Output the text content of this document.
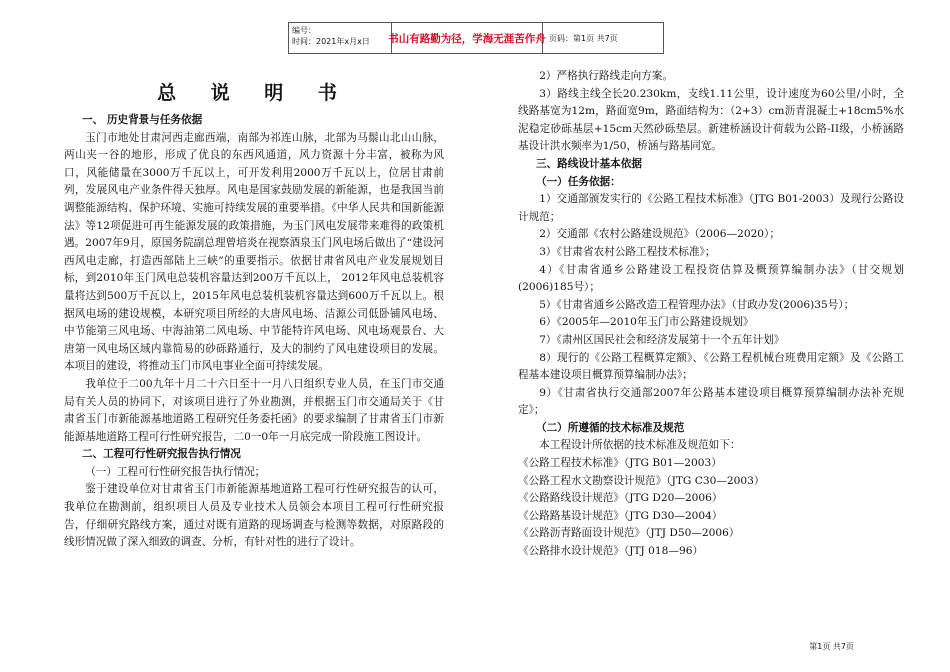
编号：
时间：2021年x月x日	书山有路勤为径，学海无涯苦作舟 页码：第1页 共7页
总 说 明 书

一、 历史背景与任务依据

玉门市地处甘肃河西走廊西端，南部为祁连山脉，北部为马鬃山北山山脉，两山夹一谷的地形，形成了优良的东西风通道，风力资源十分丰富，被称为风口，风能储量在3000万千瓦以上，可开发利用2000万千瓦以上，位居甘肃前列，发展风电产业条件得天独厚。风电是国家鼓励发展的新能源，也是我国当前调整能源结构、保护环境、实施可持续发展的重要举措。《中华人民共和国新能源法》等12项促进可再生能源发展的政策措施，为玉门风电发展带来难得的政策机遇。2007年9月，原国务院副总理曾培炎在视察酒泉玉门风电场后做出了“建设河西风电走廊，打造西部陆上三峡”的重要指示。依据甘肃省风电产业发展规划目标，到2010年玉门风电总装机容量达到200万千瓦以上， 2012年风电总装机容量将达到500万千瓦以上，2015年风电总装机装机容量达到600万千瓦以上。根据风电场的建设规模，本研究项目所经的大唐风电场、洁源公司低卧铺风电场、中节能第三风电场、中海油第二风电场、中节能特许风电场、风电场观景台、大唐第一风电场区域内靠简易的砂砾路通行，及大的制约了风电建设项目的发展。本项目的建设，将推动玉门市风电事业全面可持续发展。

我单位于二00九年十月二十六日至十一月八日组织专业人员，在玉门市交通局有关人员的协同下，对该项目进行了外业勘测，并根据玉门市交通局关于《甘肃省玉门市新能源基地道路工程研究任务委托函》的要求编制了甘肃省玉门市新能源基地道路工程可行性研究报告，二0一0年一月底完成一阶段施工图设计。

二、工程可行性研究报告执行情况

（一）工程可行性研究报告执行情况；

鉴于建设单位对甘肃省玉门市新能源基地道路工程可行性研究报告的认可，我单位在勘测前，组织项目人员及专业技术人员领会本项目工程可行性研究报告，仔细研究路线方案，通过对既有道路的现场调查与检测等数据，对原路段的线形情况做了深入细致的调查、分析，有针对性的进行了设计。

2）严格执行路线走向方案。

3）路线主线全长20.230km，支线1.11公里，设计速度为60公里/小时，全线路基宽为12m，路面宽9m，路面结构为：（2+3）cm沥青混凝土+18cm5%水泥稳定砂砾基层+15cm天然砂砾垫层。新建桥涵设计荷载为公路-II级，小桥涵路基设计洪水频率为1/50，桥涵与路基同宽。

三、路线设计基本依据

（一）任务依据：

1）交通部颁发实行的《公路工程技术标准》（JTG B01-2003）及现行公路设计规范；

2）交通部《农村公路建设规范》（2006—2020）；

3）《甘肃省农村公路工程技术标准》；

4）《甘肃省通乡公路建设工程投资估算及概预算编制办法》（甘交规划(2006)185号）；

5）《甘肃省通乡公路改造工程管理办法》（甘政办发(2006)35号）；

6）《2005年—2010年玉门市公路建设规划》

7）《肃州区国民社会和经济发展第十一个五年计划》

8）现行的《公路工程概算定额》、《公路工程机械台班费用定额》及《公路工程基本建设项目概算预算编制办法》；

9）《甘肃省执行交通部2007年公路基本建设项目概算预算编制办法补充规定》；

（二）所遵循的技术标准及规范

本工程设计所依据的技术标准及规范如下：

《公路工程技术标准》（JTG B01—2003）

《公路工程水文勘察设计规范》（JTG C30—2003）

《公路路线设计规范》（JTG D20—2006）

《公路路基设计规范》（JTG D30—2004）

《公路沥青路面设计规范》（JTJ D50—2006）

《公路排水设计规范》（JTJ 018—96）

第1页 共7页
